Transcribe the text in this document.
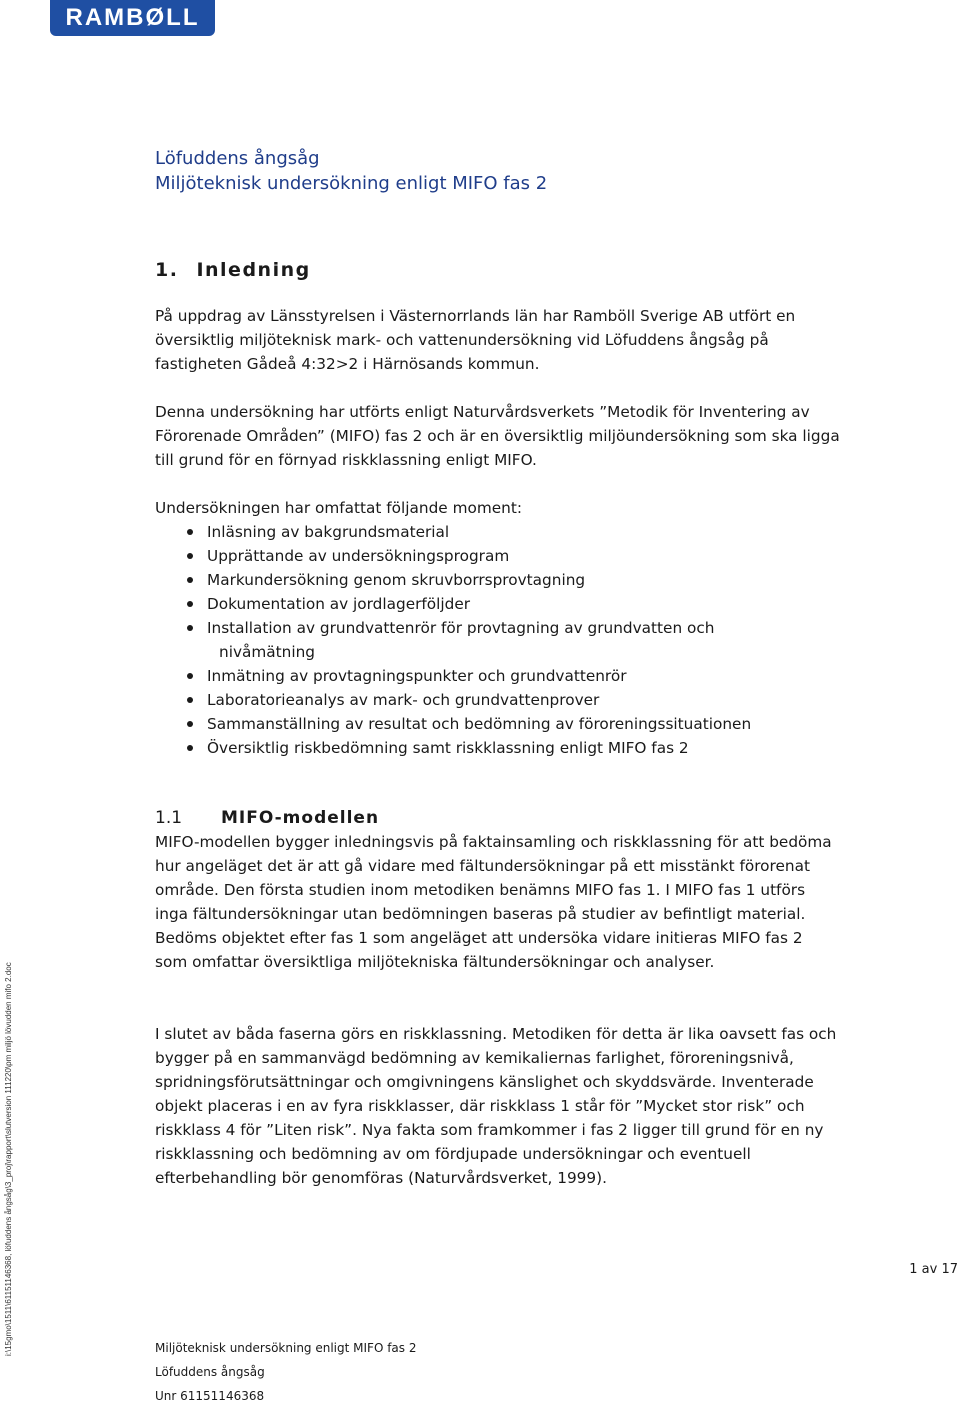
RAMBØLL
Löfuddens ångsåg
Miljöteknisk undersökning enligt MIFO fas 2
1. Inledning

På uppdrag av Länsstyrelsen i Västernorrlands län har Ramböll Sverige AB utfört en översiktlig miljöteknisk mark- och vattenundersökning vid Löfuddens ångsåg på fastigheten Gådeå 4:32>2 i Härnösands kommun.

Denna undersökning har utförts enligt Naturvårdsverkets ”Metodik för Inventering av Förorenade Områden” (MIFO) fas 2 och är en översiktlig miljöundersökning som ska ligga till grund för en förnyad riskklassning enligt MIFO.

Undersökningen har omfattat följande moment:

Inläsning av bakgrundsmaterial
Upprättande av undersökningsprogram
Markundersökning genom skruvborrsprovtagning
Dokumentation av jordlagerföljder
Installation av grundvattenrör för provtagning av grundvatten och
nivåmätning
Inmätning av provtagningspunkter och grundvattenrör
Laboratorieanalys av mark- och grundvattenprover
Sammanställning av resultat och bedömning av föroreningssituationen
Översiktlig riskbedömning samt riskklassning enligt MIFO fas 2
1.1 MIFO-modellen

MIFO-modellen bygger inledningsvis på faktainsamling och riskklassning för att bedöma hur angeläget det är att gå vidare med fältundersökningar på ett misstänkt förorenat område. Den första studien inom metodiken benämns MIFO fas 1. I MIFO fas 1 utförs inga fältundersökningar utan bedömningen baseras på studier av befintligt material. Bedöms objektet efter fas 1 som angeläget att undersöka vidare initieras MIFO fas 2 som omfattar översiktliga miljötekniska fältundersökningar och analyser.

I slutet av båda faserna görs en riskklassning. Metodiken för detta är lika oavsett fas och bygger på en sammanvägd bedömning av kemikaliernas farlighet, föroreningsnivå, spridningsförutsättningar och omgivningens känslighet och skyddsvärde. Inventerade objekt placeras i en av fyra riskklasser, där riskklass 1 står för ”Mycket stor risk” och riskklass 4 för ”Liten risk”. Nya fakta som framkommer i fas 2 ligger till grund för en ny riskklassning och bedömning av om fördjupade undersökningar och eventuell efterbehandling bör genomföras (Naturvårdsverket, 1999).

i:\15gmo\1511\61151146368, löfuddens ångsåg\3_proj\rapport\slutversion 111220\pm miljö lövudden mifo 2.doc	1 av 17
Miljöteknisk undersökning enligt MIFO fas 2
Löfuddens ångsåg
Unr 61151146368
